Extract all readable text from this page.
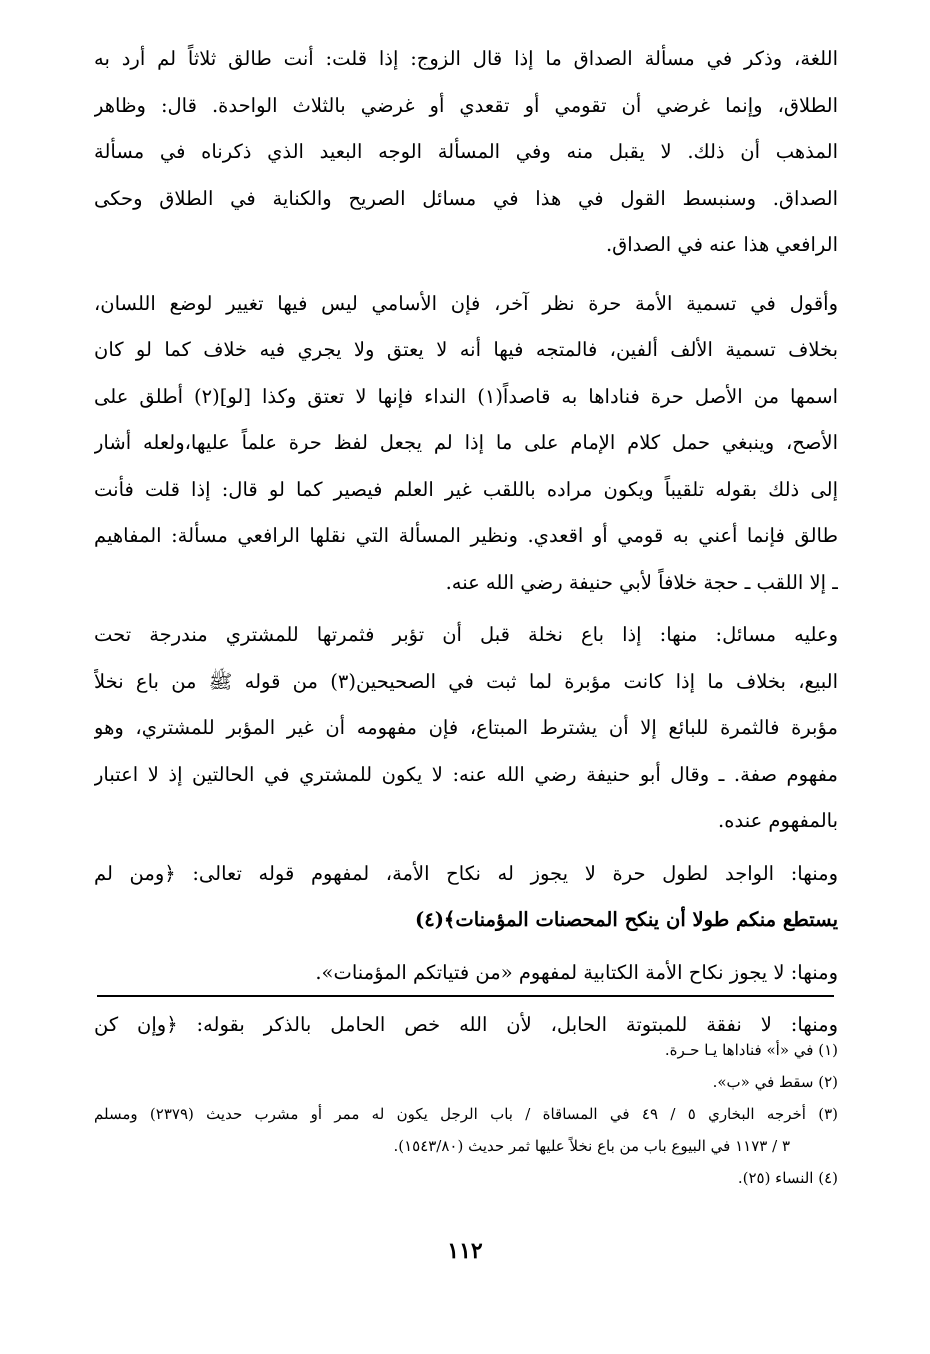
اللغة، وذكر في مسألة الصداق ما إذا قال الزوج: إذا قلت: أنت طالق ثلاثاً لم أرد به
الطلاق، وإنما غرضي أن تقومي أو تقعدي أو غرضي بالثلاث الواحدة. قال: وظاهر
المذهب أن ذلك. لا يقبل منه وفي المسألة الوجه البعيد الذي ذكرناه في مسألة
الصداق. وسنبسط القول في هذا في مسائل الصريح والكناية في الطلاق وحكى
الرافعي هذا عنه في الصداق.
وأقول في تسمية الأمة حرة نظر آخر، فإن الأسامي ليس فيها تغيير لوضع اللسان،
بخلاف تسمية الألف ألفين، فالمتجه فيها أنه لا يعتق ولا يجري فيه خلاف كما لو كان
اسمها من الأصل حرة فناداها به قاصداً(١) النداء فإنها لا تعتق وكذا [لو](٢) أطلق على
الأصح، وينبغي حمل كلام الإمام على ما إذا لم يجعل لفظ حرة علماً عليها،ولعله أشار
إلى ذلك بقوله تلقيباً ويكون مراده باللقب غير العلم فيصير كما لو قال: إذا قلت فأنت
طالق فإنما أعني به قومي أو اقعدي. ونظير المسألة التي نقلها الرافعي مسألة: المفاهيم
ـ إلا اللقب ـ حجة خلافاً لأبي حنيفة رضي الله عنه.
وعليه مسائل: منها: إذا باع نخلة قبل أن تؤبر فثمرتها للمشتري مندرجة تحت
البيع، بخلاف ما إذا كانت مؤبرة لما ثبت في الصحيحين(٣) من قوله ﷺ من باع نخلاً
مؤبرة فالثمرة للبائع إلا أن يشترط المبتاع، فإن مفهومه أن غير المؤبر للمشتري، وهو
مفهوم صفة. ـ وقال أبو حنيفة رضي الله عنه: لا يكون للمشتري في الحالتين إذ لا اعتبار
بالمفهوم عنده.
ومنها: الواجد لطول حرة لا يجوز له نكاح الأمة، لمفهوم قوله تعالى: ﴿ومن لم
يستطع منكم طولا أن ينكح المحصنات المؤمنات﴾(٤)
ومنها: لا يجوز نكاح الأمة الكتابية لمفهوم «من فتياتكم المؤمنات».
ومنها: لا نفقة للمبتوتة الحابل، لأن الله خص الحامل بالذكر بقوله: ﴿وإن كن
(١) في «أ» فناداها يـا حـرة.
(٢) سقط في «ب».
(٣) أخرجه البخاري ٥ / ٤٩ في المساقاة / باب الرجل يكون له ممر أو مشرب حديث (٢٣٧٩) ومسلم
٣ / ١١٧٣ في البيوع باب من باع نخلاً عليها ثمر حديث (١٥٤٣/٨٠).
(٤) النساء (٢٥).
١١٢
